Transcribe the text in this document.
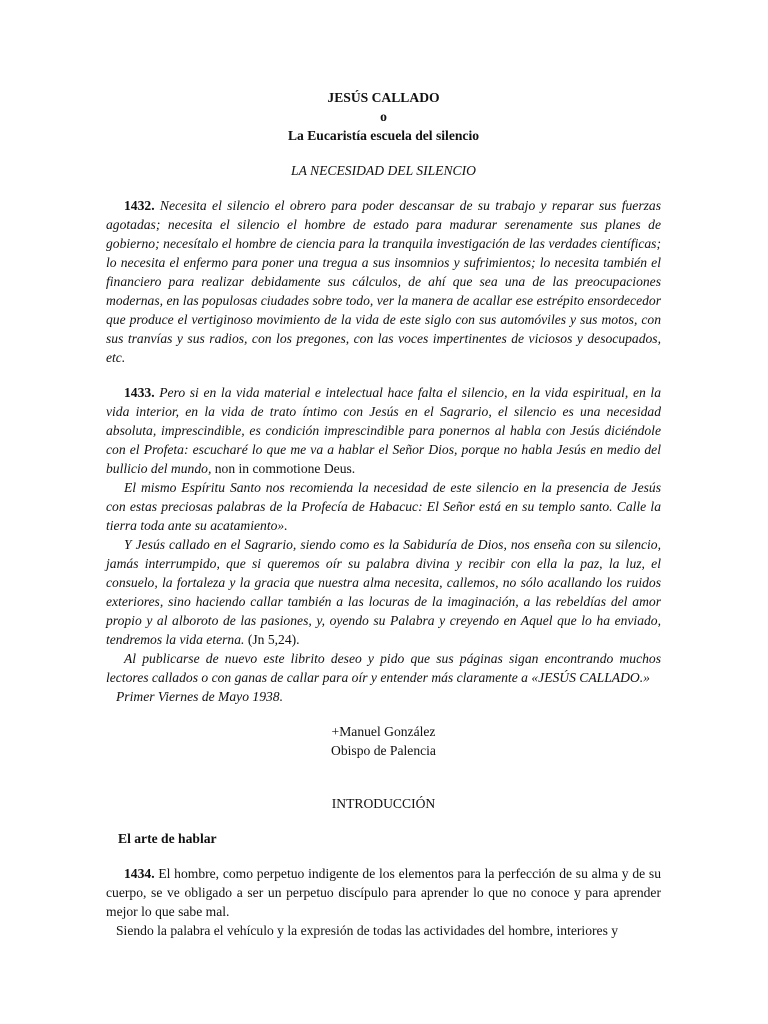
JESÚS CALLADO
o
La Eucaristía escuela del silencio
LA NECESIDAD DEL SILENCIO

1432. Necesita el silencio el obrero para poder descansar de su trabajo y reparar sus fuerzas agotadas; necesita el silencio el hombre de estado para madurar serenamente sus planes de gobierno; necesítalo el hombre de ciencia para la tranquila investigación de las verdades científicas; lo necesita el enfermo para poner una tregua a sus insomnios y sufrimientos; lo necesita también el financiero para realizar debidamente sus cálculos, de ahí que sea una de las preocupaciones modernas, en las populosas ciudades sobre todo, ver la manera de acallar ese estrépito ensordecedor que produce el vertiginoso movimiento de la vida de este siglo con sus automóviles y sus motos, con sus tranvías y sus radios, con los pregones, con las voces impertinentes de viciosos y desocupados, etc.

1433. Pero si en la vida material e intelectual hace falta el silencio, en la vida espiritual, en la vida interior, en la vida de trato íntimo con Jesús en el Sagrario, el silencio es una necesidad absoluta, imprescindible, es condición imprescindible para ponernos al habla con Jesús diciéndole con el Profeta: escucharé lo que me va a hablar el Señor Dios, porque no habla Jesús en medio del bullicio del mundo, non in commotione Deus.

El mismo Espíritu Santo nos recomienda la necesidad de este silencio en la presencia de Jesús con estas preciosas palabras de la Profecía de Habacuc: El Señor está en su templo santo. Calle la tierra toda ante su acatamiento».

Y Jesús callado en el Sagrario, siendo como es la Sabiduría de Dios, nos enseña con su silencio, jamás interrumpido, que si queremos oír su palabra divina y recibir con ella la paz, la luz, el consuelo, la fortaleza y la gracia que nuestra alma necesita, callemos, no sólo acallando los ruidos exteriores, sino haciendo callar también a las locuras de la imaginación, a las rebeldías del amor propio y al alboroto de las pasiones, y, oyendo su Palabra y creyendo en Aquel que lo ha enviado, tendremos la vida eterna. (Jn 5,24).

Al publicarse de nuevo este librito deseo y pido que sus páginas sigan encontrando muchos lectores callados o con ganas de callar para oír y entender más claramente a «JESÚS CALLADO.»

Primer Viernes de Mayo 1938.

+Manuel González
Obispo de Palencia
INTRODUCCIÓN
El arte de hablar

1434. El hombre, como perpetuo indigente de los elementos para la perfección de su alma y de su cuerpo, se ve obligado a ser un perpetuo discípulo para aprender lo que no conoce y para aprender mejor lo que sabe mal.

Siendo la palabra el vehículo y la expresión de todas las actividades del hombre, interiores y
